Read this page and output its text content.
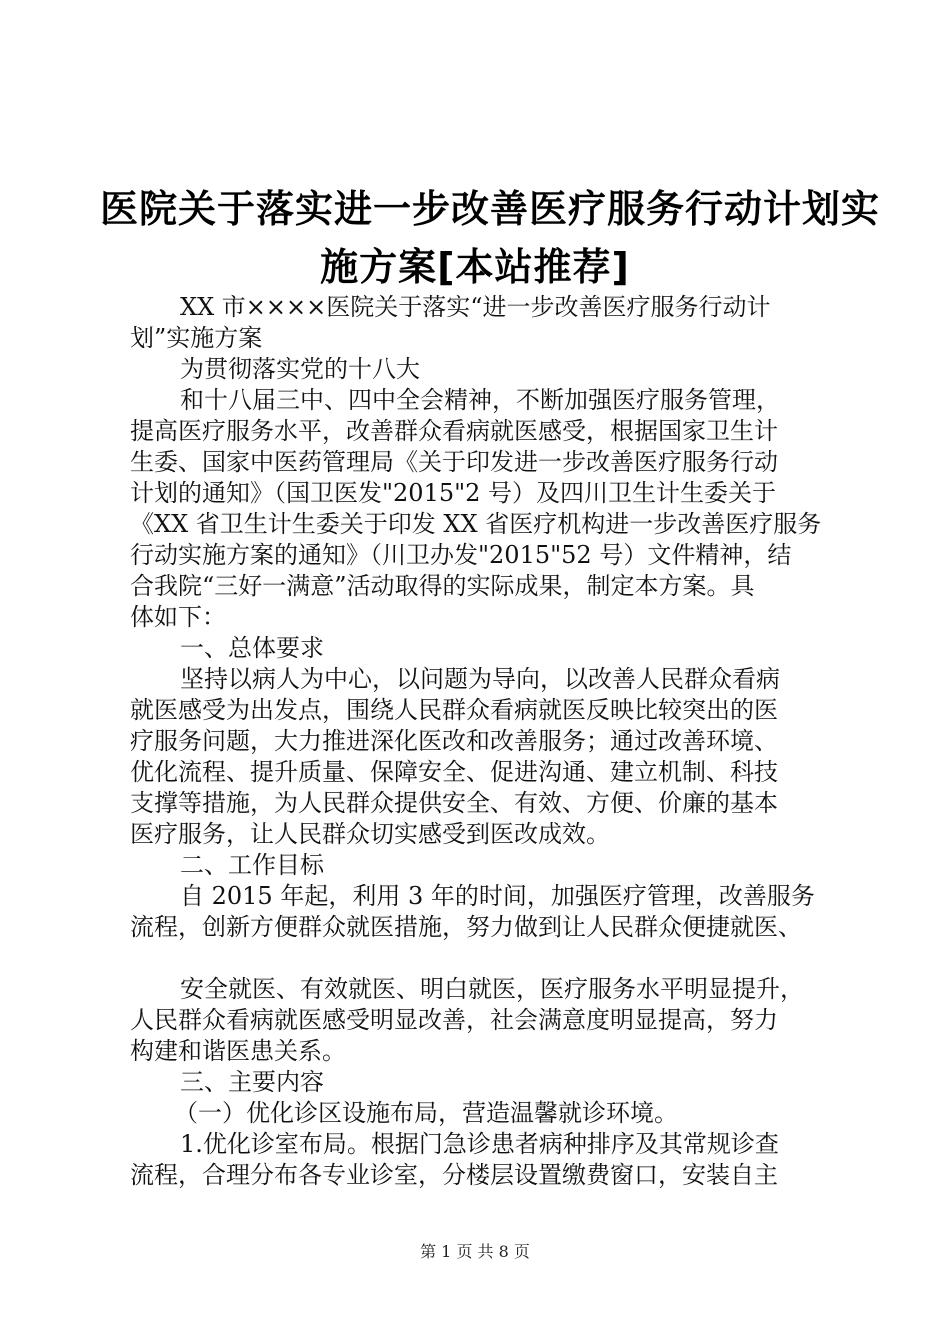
医院关于落实进一步改善医疗服务行动计划实
施方案[本站推荐]
XX 市××××医院关于落实“进一步改善医疗服务行动计
划”实施方案
为贯彻落实党的十八大
和十八届三中、四中全会精神，不断加强医疗服务管理，
提高医疗服务水平，改善群众看病就医感受，根据国家卫生计
生委、国家中医药管理局《关于印发进一步改善医疗服务行动
计划的通知》（国卫医发"2015"2 号）及四川卫生计生委关于
《XX 省卫生计生委关于印发 XX 省医疗机构进一步改善医疗服务
行动实施方案的通知》（川卫办发"2015"52 号）文件精神，结
合我院“三好一满意”活动取得的实际成果，制定本方案。具
体如下：
一、总体要求
坚持以病人为中心，以问题为导向，以改善人民群众看病
就医感受为出发点，围绕人民群众看病就医反映比较突出的医
疗服务问题，大力推进深化医改和改善服务；通过改善环境、
优化流程、提升质量、保障安全、促进沟通、建立机制、科技
支撑等措施，为人民群众提供安全、有效、方便、价廉的基本
医疗服务，让人民群众切实感受到医改成效。
二、工作目标
自 2015 年起，利用 3 年的时间，加强医疗管理，改善服务
流程，创新方便群众就医措施，努力做到让人民群众便捷就医、
安全就医、有效就医、明白就医，医疗服务水平明显提升，
人民群众看病就医感受明显改善，社会满意度明显提高，努力
构建和谐医患关系。
三、主要内容
（一）优化诊区设施布局，营造温馨就诊环境。
1.优化诊室布局。根据门急诊患者病种排序及其常规诊查
流程，合理分布各专业诊室，分楼层设置缴费窗口，安装自主
第 1 页 共 8 页
